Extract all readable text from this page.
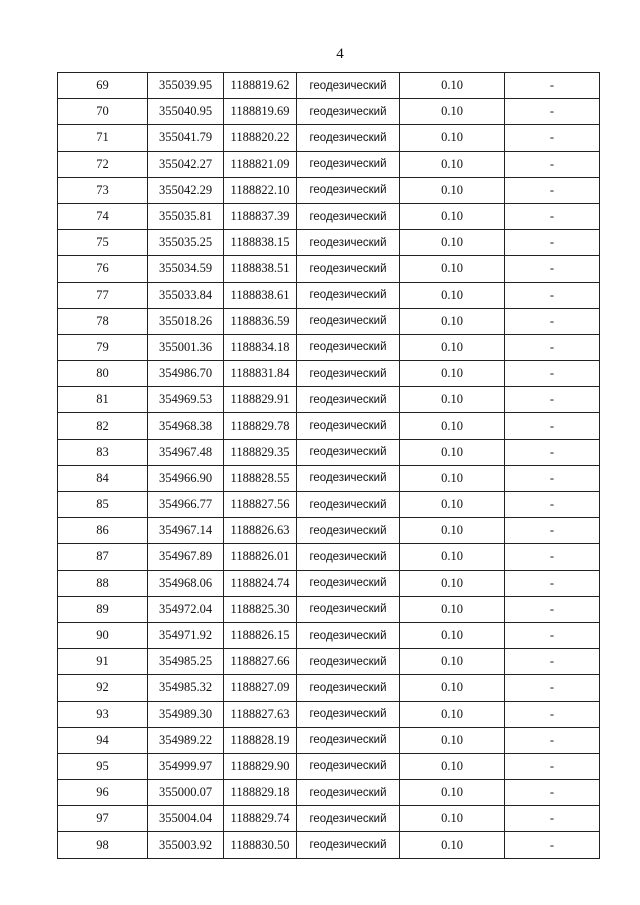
4
69	355039.95	1188819.62	геодезический	0.10	-
70	355040.95	1188819.69	геодезический	0.10	-
71	355041.79	1188820.22	геодезический	0.10	-
72	355042.27	1188821.09	геодезический	0.10	-
73	355042.29	1188822.10	геодезический	0.10	-
74	355035.81	1188837.39	геодезический	0.10	-
75	355035.25	1188838.15	геодезический	0.10	-
76	355034.59	1188838.51	геодезический	0.10	-
77	355033.84	1188838.61	геодезический	0.10	-
78	355018.26	1188836.59	геодезический	0.10	-
79	355001.36	1188834.18	геодезический	0.10	-
80	354986.70	1188831.84	геодезический	0.10	-
81	354969.53	1188829.91	геодезический	0.10	-
82	354968.38	1188829.78	геодезический	0.10	-
83	354967.48	1188829.35	геодезический	0.10	-
84	354966.90	1188828.55	геодезический	0.10	-
85	354966.77	1188827.56	геодезический	0.10	-
86	354967.14	1188826.63	геодезический	0.10	-
87	354967.89	1188826.01	геодезический	0.10	-
88	354968.06	1188824.74	геодезический	0.10	-
89	354972.04	1188825.30	геодезический	0.10	-
90	354971.92	1188826.15	геодезический	0.10	-
91	354985.25	1188827.66	геодезический	0.10	-
92	354985.32	1188827.09	геодезический	0.10	-
93	354989.30	1188827.63	геодезический	0.10	-
94	354989.22	1188828.19	геодезический	0.10	-
95	354999.97	1188829.90	геодезический	0.10	-
96	355000.07	1188829.18	геодезический	0.10	-
97	355004.04	1188829.74	геодезический	0.10	-
98	355003.92	1188830.50	геодезический	0.10	-
